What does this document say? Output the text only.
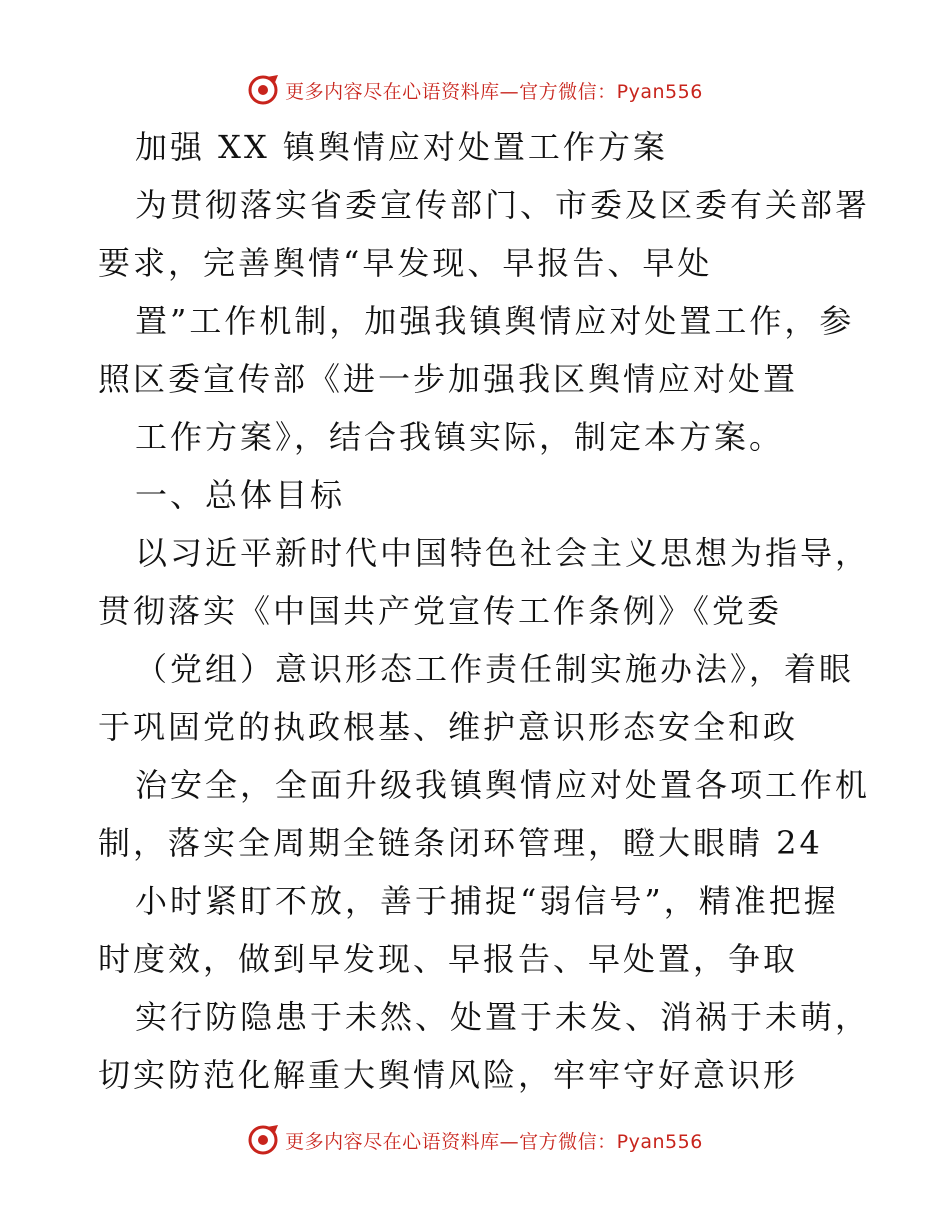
更多内容尽在心语资料库—官方微信：Pyan556
加强 XX 镇舆情应对处置工作方案
为贯彻落实省委宣传部门、市委及区委有关部署
要求，完善舆情“早发现、早报告、早处
置”工作机制，加强我镇舆情应对处置工作，参
照区委宣传部《进一步加强我区舆情应对处置
工作方案》，结合我镇实际，制定本方案。
一、总体目标
以习近平新时代中国特色社会主义思想为指导，
贯彻落实《中国共产党宣传工作条例》《党委
（党组）意识形态工作责任制实施办法》，着眼
于巩固党的执政根基、维护意识形态安全和政
治安全，全面升级我镇舆情应对处置各项工作机
制，落实全周期全链条闭环管理，瞪大眼睛 24
小时紧盯不放，善于捕捉“弱信号”，精准把握
时度效，做到早发现、早报告、早处置，争取
实行防隐患于未然、处置于未发、消祸于未萌，
切实防范化解重大舆情风险，牢牢守好意识形
更多内容尽在心语资料库—官方微信：Pyan556
